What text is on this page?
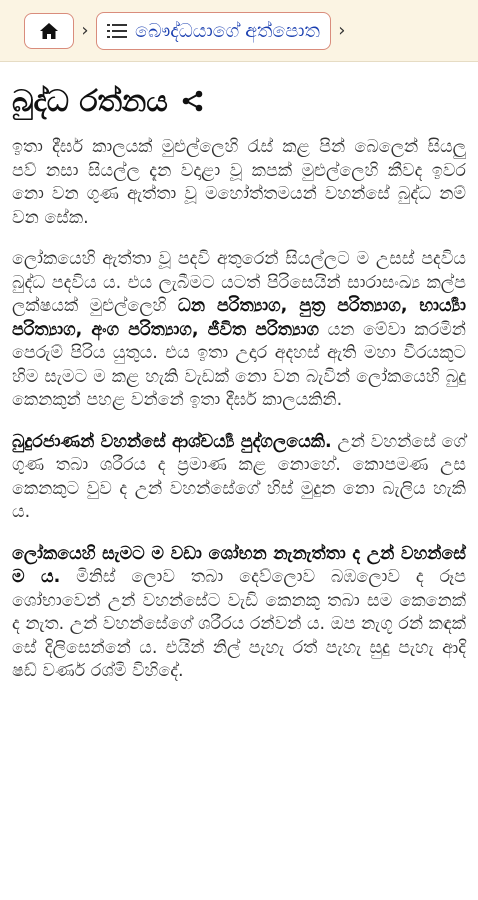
›	බෞද්ධයාගේ අත්පොත	›
බුද්ධ රත්නය

ඉතා දීර්ඝ කාලයක් මුළුල්ලෙහි රැස් කළ පින් බෙලෙන් සියලු පව් නසා සියල්ල දැන වදාළා වූ කපක් මුළුල්ලෙහි කීවද ඉවර නො වන ගුණ ඇත්තා වූ මහෝත්තමයන් වහන්සේ බුද්ධ නම් වන සේක.

ලෝකයෙහි ඇත්තා වූ පදවි අතුරෙන් සියල්ලට ම උසස් පදවිය බුද්ධ පදවිය ය. එය ලැබීමට යටත් පිරිසෙයින් සාරාසංඛ්‍ය කල්ප ලක්ෂයක් මුළුල්ලෙහි ධන පරිත්‍යාග, පුත්‍ර පරිත්‍යාග, භාර්‍ය්‍යා පරිත්‍යාග, අංග පරිත්‍යාග, ජීවිත පරිත්‍යාග යන මේවා කරමින් පෙරුම් පිරිය යුතුය. එය ඉතා උදාර අදහස් ඇති මහා වීරයකුට හිම සැමට ම කළ හැකි වැඩක් නො වන බැවින් ලෝකයෙහි බුදු කෙනකුන් පහළ වන්නේ ඉතා දීර්ඝ කාලයකිනි.

බුදුරජාණන් වහන්සේ ආශ්චර්‍ය්‍ය පුද්ගලයෙකි. උන් වහන්සේ ගේ ගුණ තබා ශරීරය ද ප්‍රමාණ කළ නොහේ. කොපමණ උස කෙනකුට වුව ද උන් වහන්සේගේ හිස් මුදුන නො බැලිය හැකි ය.

ලෝකයෙහි සැමට ම වඩා ශෝභන නැනැත්තා ද උන් වහන්සේ ම ය. මිනිස් ලොව තබා දෙව්ලොව බඹලොව ද රූප ශෝභාවෙන් උන් වහන්සේට වැඩි කෙනකු තබා සම කෙනෙක් ද නැත. උන් වහන්සේගේ ශරීරය රන්වන් ය. ඔප නැගූ රන් කඳක් සේ දිලිසෙන්නේ ය. එයින් නිල් පැහැ රත් පැහැ සුදු පැහැ ආදි ෂඩ් වර්ණ රශ්මි විහිදේ.
